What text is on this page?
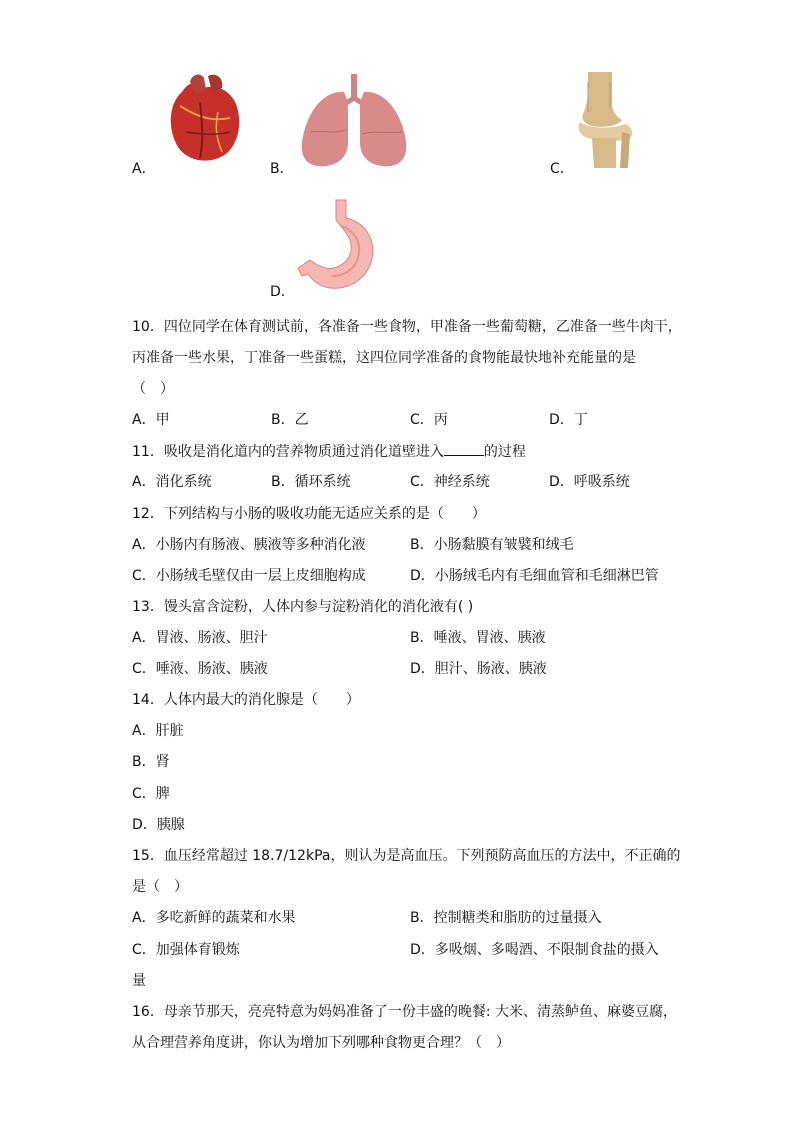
A．	B．	C．
D．
10．四位同学在体育测试前，各准备一些食物，甲准备一些葡萄糖，乙准备一些牛肉干，
丙准备一些水果，丁准备一些蛋糕，这四位同学准备的食物能最快地补充能量的是
（　）
A．甲	B．乙	C．丙	D．丁
11．吸收是消化道内的营养物质通过消化道壁进入	的过程
A．消化系统	B．循环系统	C．神经系统	D．呼吸系统
12．下列结构与小肠的吸收功能无适应关系的是（　　）
A．小肠内有肠液、胰液等多种消化液	B．小肠黏膜有皱襞和绒毛
C．小肠绒毛壁仅由一层上皮细胞构成	D．小肠绒毛内有毛细血管和毛细淋巴管
13．馒头富含淀粉，人体内参与淀粉消化的消化液有( )
A．胃液、肠液、胆汁	B．唾液、胃液、胰液
C．唾液、肠液、胰液	D．胆汁、肠液、胰液
14．人体内最大的消化腺是（　　）
A．肝脏
B．肾
C．脾
D．胰腺
15．血压经常超过 18.7/12kPa，则认为是高血压。下列预防高血压的方法中，不正确的
是（　）
A．多吃新鲜的蔬菜和水果	B．控制糖类和脂肪的过量摄入
C．加强体育锻炼	D．多吸烟、多喝酒、不限制食盐的摄入
量
16．母亲节那天，亮亮特意为妈妈准备了一份丰盛的晚餐: 大米、清蒸鲈鱼、麻婆豆腐，
从合理营养角度讲，你认为增加下列哪种食物更合理？（　）
